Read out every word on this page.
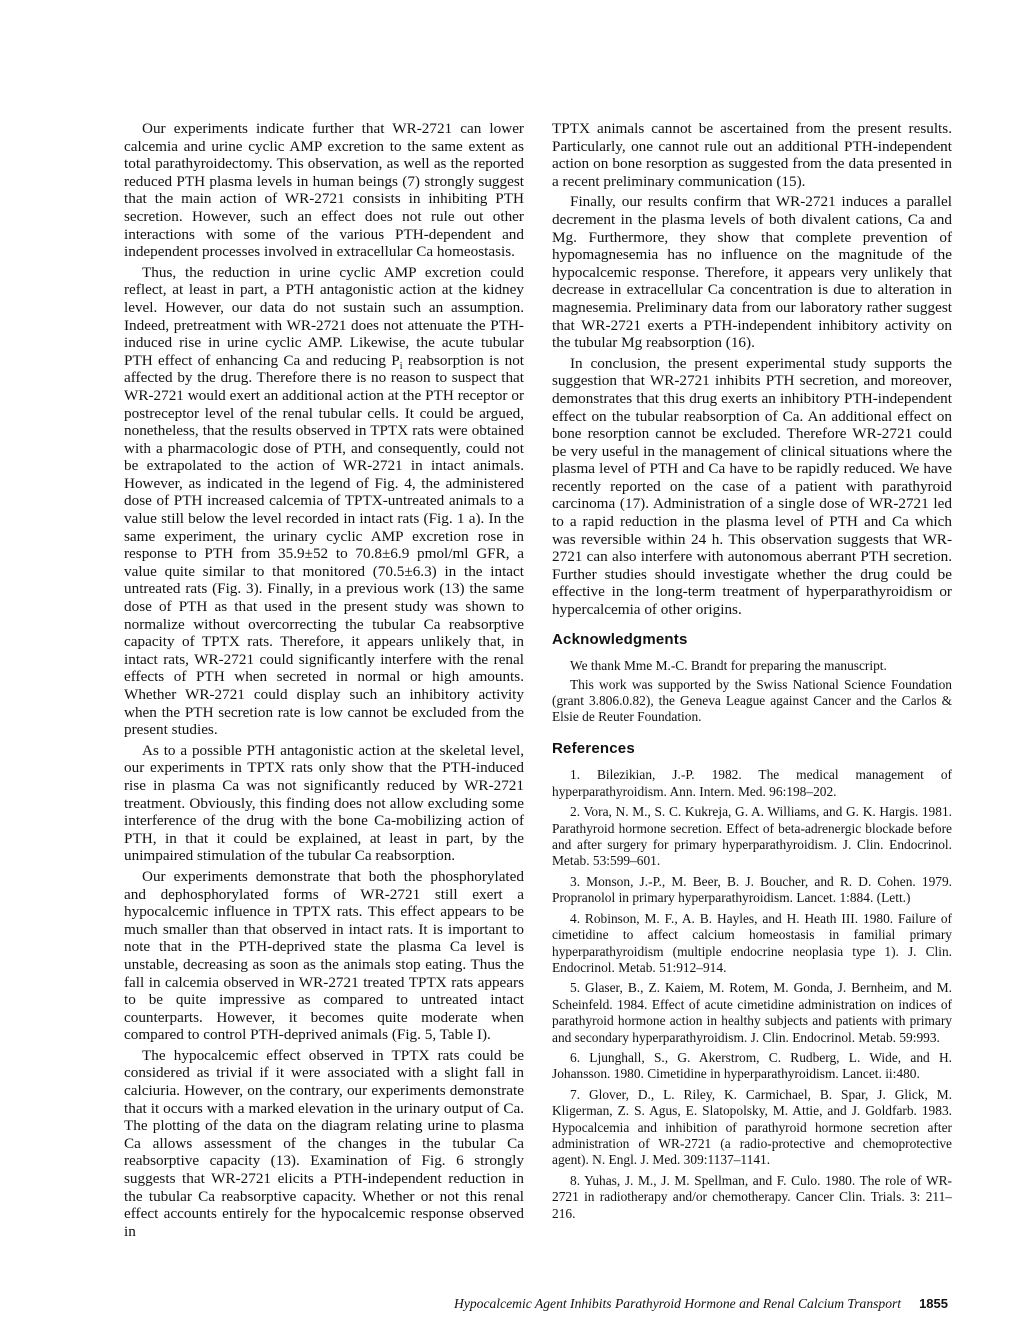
Our experiments indicate further that WR-2721 can lower calcemia and urine cyclic AMP excretion to the same extent as total parathyroidectomy. This observation, as well as the reported reduced PTH plasma levels in human beings (7) strongly suggest that the main action of WR-2721 consists in inhibiting PTH secretion. However, such an effect does not rule out other interactions with some of the various PTH-dependent and independent processes involved in extracellular Ca homeostasis.

Thus, the reduction in urine cyclic AMP excretion could reflect, at least in part, a PTH antagonistic action at the kidney level. However, our data do not sustain such an assumption. Indeed, pretreatment with WR-2721 does not attenuate the PTH-induced rise in urine cyclic AMP. Likewise, the acute tubular PTH effect of enhancing Ca and reducing $P_i$ reabsorption is not affected by the drug. Therefore there is no reason to suspect that WR-2721 would exert an additional action at the PTH receptor or postreceptor level of the renal tubular cells. It could be argued, nonetheless, that the results observed in TPTX rats were obtained with a pharmacologic dose of PTH, and consequently, could not be extrapolated to the action of WR-2721 in intact animals. However, as indicated in the legend of Fig. 4, the administered dose of PTH increased calcemia of TPTX-untreated animals to a value still below the level recorded in intact rats (Fig. 1 a). In the same experiment, the urinary cyclic AMP excretion rose in response to PTH from 35.9±52 to 70.8±6.9 pmol/ml GFR, a value quite similar to that monitored (70.5±6.3) in the intact untreated rats (Fig. 3). Finally, in a previous work (13) the same dose of PTH as that used in the present study was shown to normalize without overcorrecting the tubular Ca reabsorptive capacity of TPTX rats. Therefore, it appears unlikely that, in intact rats, WR-2721 could significantly interfere with the renal effects of PTH when secreted in normal or high amounts. Whether WR-2721 could display such an inhibitory activity when the PTH secretion rate is low cannot be excluded from the present studies.

As to a possible PTH antagonistic action at the skeletal level, our experiments in TPTX rats only show that the PTH-induced rise in plasma Ca was not significantly reduced by WR-2721 treatment. Obviously, this finding does not allow excluding some interference of the drug with the bone Ca-mobilizing action of PTH, in that it could be explained, at least in part, by the unimpaired stimulation of the tubular Ca reabsorption.

Our experiments demonstrate that both the phosphorylated and dephosphorylated forms of WR-2721 still exert a hypocalcemic influence in TPTX rats. This effect appears to be much smaller than that observed in intact rats. It is important to note that in the PTH-deprived state the plasma Ca level is unstable, decreasing as soon as the animals stop eating. Thus the fall in calcemia observed in WR-2721 treated TPTX rats appears to be quite impressive as compared to untreated intact counterparts. However, it becomes quite moderate when compared to control PTH-deprived animals (Fig. 5, Table I).

The hypocalcemic effect observed in TPTX rats could be considered as trivial if it were associated with a slight fall in calciuria. However, on the contrary, our experiments demonstrate that it occurs with a marked elevation in the urinary output of Ca. The plotting of the data on the diagram relating urine to plasma Ca allows assessment of the changes in the tubular Ca reabsorptive capacity (13). Examination of Fig. 6 strongly suggests that WR-2721 elicits a PTH-independent reduction in the tubular Ca reabsorptive capacity. Whether or not this renal effect accounts entirely for the hypocalcemic response observed in

TPTX animals cannot be ascertained from the present results. Particularly, one cannot rule out an additional PTH-independent action on bone resorption as suggested from the data presented in a recent preliminary communication (15).

Finally, our results confirm that WR-2721 induces a parallel decrement in the plasma levels of both divalent cations, Ca and Mg. Furthermore, they show that complete prevention of hypomagnesemia has no influence on the magnitude of the hypocalcemic response. Therefore, it appears very unlikely that decrease in extracellular Ca concentration is due to alteration in magnesemia. Preliminary data from our laboratory rather suggest that WR-2721 exerts a PTH-independent inhibitory activity on the tubular Mg reabsorption (16).

In conclusion, the present experimental study supports the suggestion that WR-2721 inhibits PTH secretion, and moreover, demonstrates that this drug exerts an inhibitory PTH-independent effect on the tubular reabsorption of Ca. An additional effect on bone resorption cannot be excluded. Therefore WR-2721 could be very useful in the management of clinical situations where the plasma level of PTH and Ca have to be rapidly reduced. We have recently reported on the case of a patient with parathyroid carcinoma (17). Administration of a single dose of WR-2721 led to a rapid reduction in the plasma level of PTH and Ca which was reversible within 24 h. This observation suggests that WR-2721 can also interfere with autonomous aberrant PTH secretion. Further studies should investigate whether the drug could be effective in the long-term treatment of hyperparathyroidism or hypercalcemia of other origins.

Acknowledgments

We thank Mme M.-C. Brandt for preparing the manuscript.

This work was supported by the Swiss National Science Foundation (grant 3.806.0.82), the Geneva League against Cancer and the Carlos & Elsie de Reuter Foundation.

References
1. Bilezikian, J.-P. 1982. The medical management of hyperparathyroidism. Ann. Intern. Med. 96:198–202.
2. Vora, N. M., S. C. Kukreja, G. A. Williams, and G. K. Hargis. 1981. Parathyroid hormone secretion. Effect of beta-adrenergic blockade before and after surgery for primary hyperparathyroidism. J. Clin. Endocrinol. Metab. 53:599–601.
3. Monson, J.-P., M. Beer, B. J. Boucher, and R. D. Cohen. 1979. Propranolol in primary hyperparathyroidism. Lancet. 1:884. (Lett.)
4. Robinson, M. F., A. B. Hayles, and H. Heath III. 1980. Failure of cimetidine to affect calcium homeostasis in familial primary hyperparathyroidism (multiple endocrine neoplasia type 1). J. Clin. Endocrinol. Metab. 51:912–914.
5. Glaser, B., Z. Kaiem, M. Rotem, M. Gonda, J. Bernheim, and M. Scheinfeld. 1984. Effect of acute cimetidine administration on indices of parathyroid hormone action in healthy subjects and patients with primary and secondary hyperparathyroidism. J. Clin. Endocrinol. Metab. 59:993.
6. Ljunghall, S., G. Akerstrom, C. Rudberg, L. Wide, and H. Johansson. 1980. Cimetidine in hyperparathyroidism. Lancet. ii:480.
7. Glover, D., L. Riley, K. Carmichael, B. Spar, J. Glick, M. Kligerman, Z. S. Agus, E. Slatopolsky, M. Attie, and J. Goldfarb. 1983. Hypocalcemia and inhibition of parathyroid hormone secretion after administration of WR-2721 (a radio-protective and chemoprotective agent). N. Engl. J. Med. 309:1137–1141.
8. Yuhas, J. M., J. M. Spellman, and F. Culo. 1980. The role of WR-2721 in radiotherapy and/or chemotherapy. Cancer Clin. Trials. 3: 211–216.
Hypocalcemic Agent Inhibits Parathyroid Hormone and Renal Calcium Transport 1855
